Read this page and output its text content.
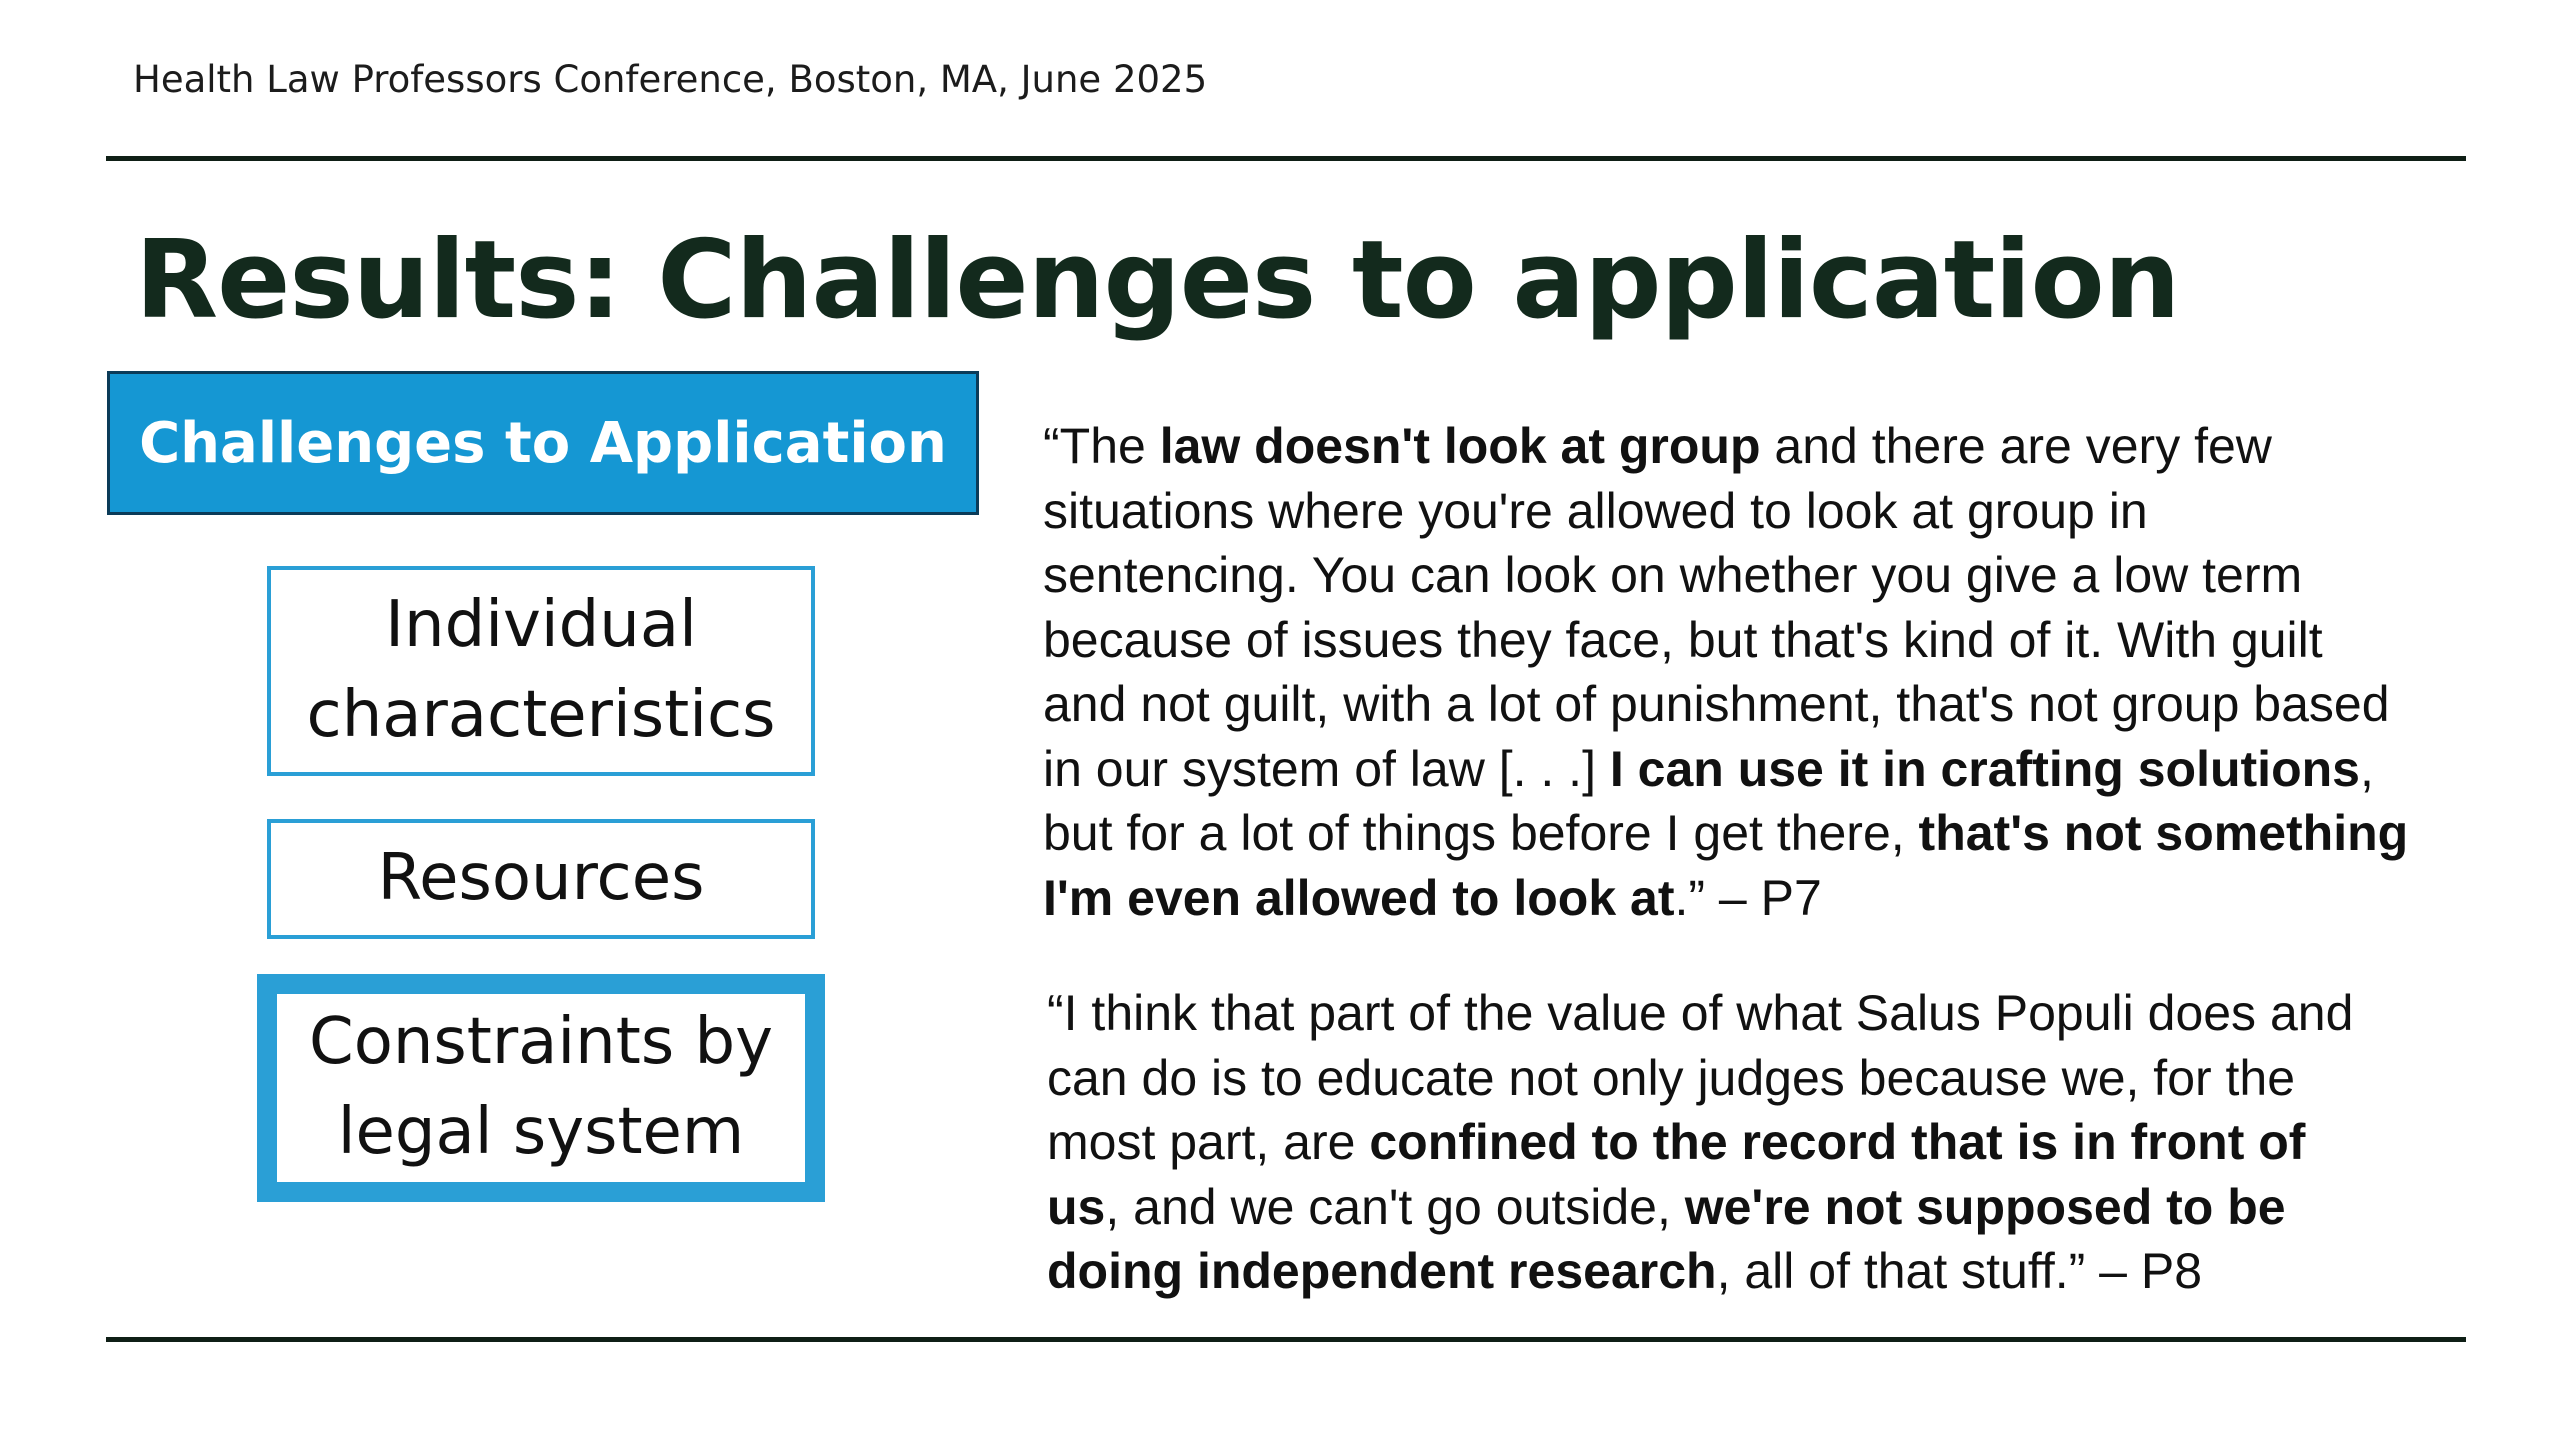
Health Law Professors Conference, Boston, MA, June 2025
Results: Challenges to application
Challenges to Application
Individual
characteristics
Resources
Constraints by
legal system
“The law doesn't look at group and there are very few
situations where you're allowed to look at group in
sentencing. You can look on whether you give a low term
because of issues they face, but that's kind of it. With guilt
and not guilt, with a lot of punishment, that's not group based
in our system of law [. . .] I can use it in crafting solutions,
but for a lot of things before I get there, that's not something
I'm even allowed to look at.” – P7
“I think that part of the value of what Salus Populi does and
can do is to educate not only judges because we, for the
most part, are confined to the record that is in front of
us, and we can't go outside, we're not supposed to be
doing independent research, all of that stuff.” – P8
